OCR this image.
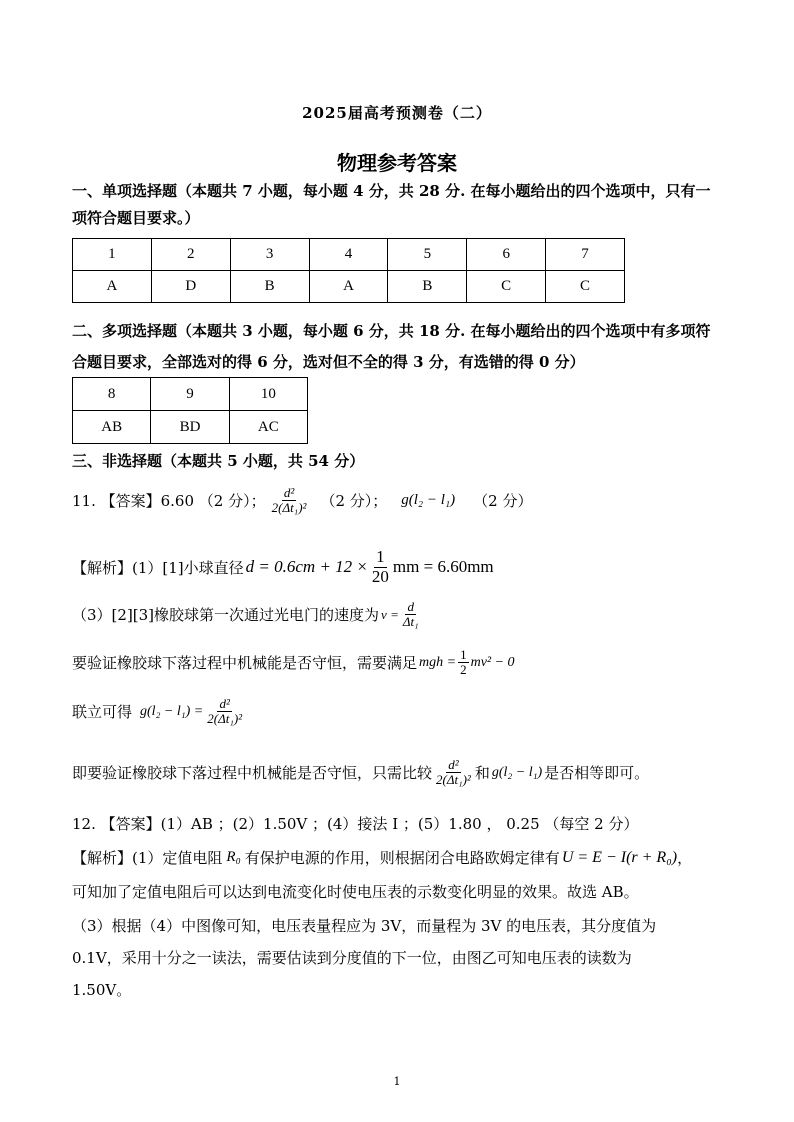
2025届高考预测卷（二）
物理参考答案
一、单项选择题（本题共 7 小题，每小题 4 分，共 28 分. 在每小题给出的四个选项中，只有一
项符合题目要求。）
1	2	3	4	5	6	7
A	D	B	A	B	C	C
二、多项选择题（本题共 3 小题，每小题 6 分，共 18 分. 在每小题给出的四个选项中有多项符
合题目要求，全部选对的得 6 分，选对但不全的得 3 分，有选错的得 0 分）
8	9	10
AB	BD	AC
三、非选择题（本题共 5 小题，共 54 分）
11. 【答案】6.60 （2 分）； $\frac{\text{d²}}{\text{2(Δt₁)²}} (2$ 分）； g(l₂ − l₁) （2 分）
【解析】(1）[1]小球直径 $d = 0.6cm + 12 \times \frac{1}{20}$ mm = 6.60mm
（3）[2][3]橡胶球第一次通过光电门的速度为 $v = \frac{d}{\text{Δt₁}}$
要验证橡胶球下落过程中机械能是否守恒，需要满足 mgh = $\frac{1}{2} mv^2 - 0$
联立可得 $g(l_2 - l_1) = \frac{\text{d²}}{\text{2(Δt₁)²}}$
即要验证橡胶球下落过程中机械能是否守恒，只需比较 $\frac{\text{d²}}{\text{2(Δt₁)²}}$ 和 g(l₂ − l₁) 是否相等即可。
12. 【答案】(1）AB ；(2）1.50V ；(4）接法 I ；(5）1.80 ， 0.25 （每空 2 分）
【解析】(1）定值电阻 R₀ 有保护电源的作用，则根据闭合电路欧姆定律有 U = E − I(r + R₀) ，
可知加了定值电阻后可以达到电流变化时使电压表的示数变化明显的效果。故选 AB。
（3）根据（4）中图像可知，电压表量程应为 3V，而量程为 3V 的电压表，其分度值为
0.1V，采用十分之一读法，需要估读到分度值的下一位，由图乙可知电压表的读数为
1.50V。
1
